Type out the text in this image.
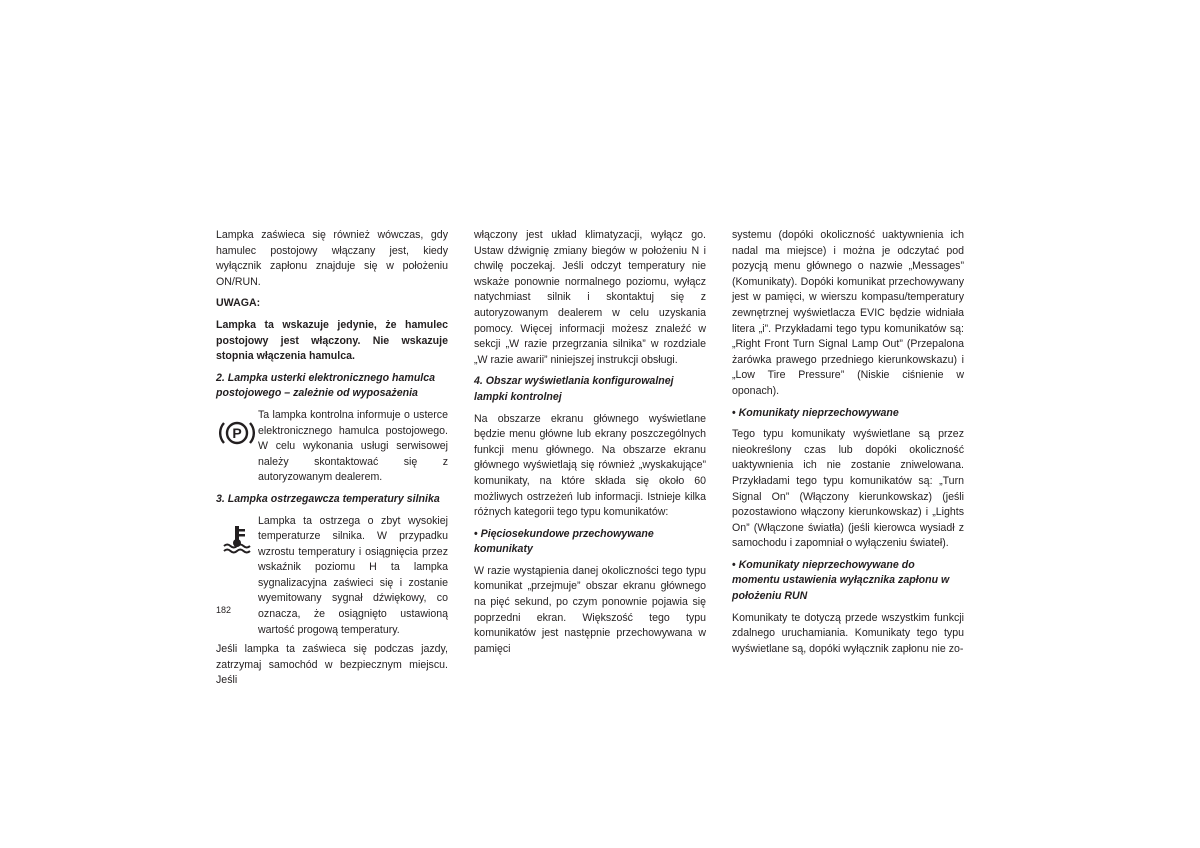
Lampka zaświeca się również wówczas, gdy hamulec postojowy włączany jest, kiedy wyłącznik zapłonu znajduje się w położeniu ON/RUN.

UWAGA:

Lampka ta wskazuje jedynie, że hamulec postojowy jest włączony. Nie wskazuje stopnia włączenia hamulca.

2. Lampka usterki elektronicznego hamulca postojowego – zależnie od wyposażenia

P

Ta lampka kontrolna informuje o usterce elektronicznego hamulca postojowego. W celu wykonania usługi serwisowej należy skontaktować się z autoryzowanym dealerem.

3. Lampka ostrzegawcza temperatury silnika

Lampka ta ostrzega o zbyt wysokiej temperaturze silnika. W przypadku wzrostu temperatury i osiągnięcia przez wskaźnik poziomu H ta lampka sygnalizacyjna zaświeci się i zostanie wyemitowany sygnał dźwiękowy, co oznacza, że osiągnięto ustawioną wartość progową temperatury.

Jeśli lampka ta zaświeca się podczas jazdy, zatrzymaj samochód w bezpiecznym miejscu. Jeśli

włączony jest układ klimatyzacji, wyłącz go. Ustaw dźwignię zmiany biegów w położeniu N i chwilę poczekaj. Jeśli odczyt temperatury nie wskaże ponownie normalnego poziomu, wyłącz natychmiast silnik i skontaktuj się z autoryzowanym dealerem w celu uzyskania pomocy. Więcej informacji możesz znaleźć w sekcji „W razie przegrzania silnika” w rozdziale „W razie awarii” niniejszej instrukcji obsługi.

4. Obszar wyświetlania konfigurowalnej lampki kontrolnej

Na obszarze ekranu głównego wyświetlane będzie menu główne lub ekrany poszczególnych funkcji menu głównego. Na obszarze ekranu głównego wyświetlają się również „wyskakujące” komunikaty, na które składa się około 60 możliwych ostrzeżeń lub informacji. Istnieje kilka różnych kategorii tego typu komunikatów:

• Pięciosekundowe przechowywane komunikaty

W razie wystąpienia danej okoliczności tego typu komunikat „przejmuje” obszar ekranu głównego na pięć sekund, po czym ponownie pojawia się poprzedni ekran. Większość tego typu komunikatów jest następnie przechowywana w pamięci

systemu (dopóki okoliczność uaktywnienia ich nadal ma miejsce) i można je odczytać pod pozycją menu głównego o nazwie „Messages” (Komunikaty). Dopóki komunikat przechowywany jest w pamięci, w wierszu kompasu/temperatury zewnętrznej wyświetlacza EVIC będzie widniała litera „i”. Przykładami tego typu komunikatów są: „Right Front Turn Signal Lamp Out” (Przepalona żarówka prawego przedniego kierunkowskazu) i „Low Tire Pressure” (Niskie ciśnienie w oponach).

• Komunikaty nieprzechowywane

Tego typu komunikaty wyświetlane są przez nieokreślony czas lub dopóki okoliczność uaktywnienia ich nie zostanie zniwelowana. Przykładami tego typu komunikatów są: „Turn Signal On” (Włączony kierunkowskaz) (jeśli pozostawiono włączony kierunkowskaz) i „Lights On” (Włączone światła) (jeśli kierowca wysiadł z samochodu i zapomniał o wyłączeniu świateł).

• Komunikaty nieprzechowywane do momentu ustawienia wyłącznika zapłonu w położeniu RUN

Komunikaty te dotyczą przede wszystkim funkcji zdalnego uruchamiania. Komunikaty tego typu wyświetlane są, dopóki wyłącznik zapłonu nie zo-

182
